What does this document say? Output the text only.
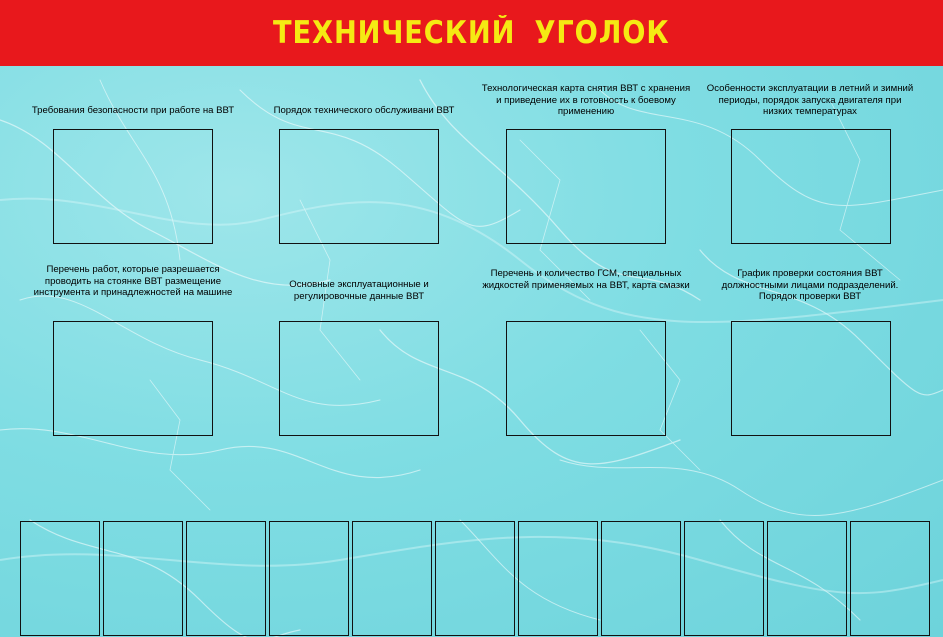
ТЕХНИЧЕСКИЙ УГОЛОК
Требования безопасности при работе на ВВТ	Порядок технического обслуживани ВВТ
Технологическая карта снятия ВВТ с хранения и приведение их в готовность к боевому применению
Особенности эксплуатации в летний и зимний периоды, порядок запуска двигателя при низких температурах
Перечень работ, которые разрешается проводить на стоянке ВВТ размещение инструмента и принадлежностей на машине
Основные эксплуатационные и регулировочные данные ВВТ
Перечень и количество ГСМ, специальных жидкостей применяемых на ВВТ, карта смазки
График проверки состояния ВВТ должностными лицами подразделений. Порядок проверки ВВТ
